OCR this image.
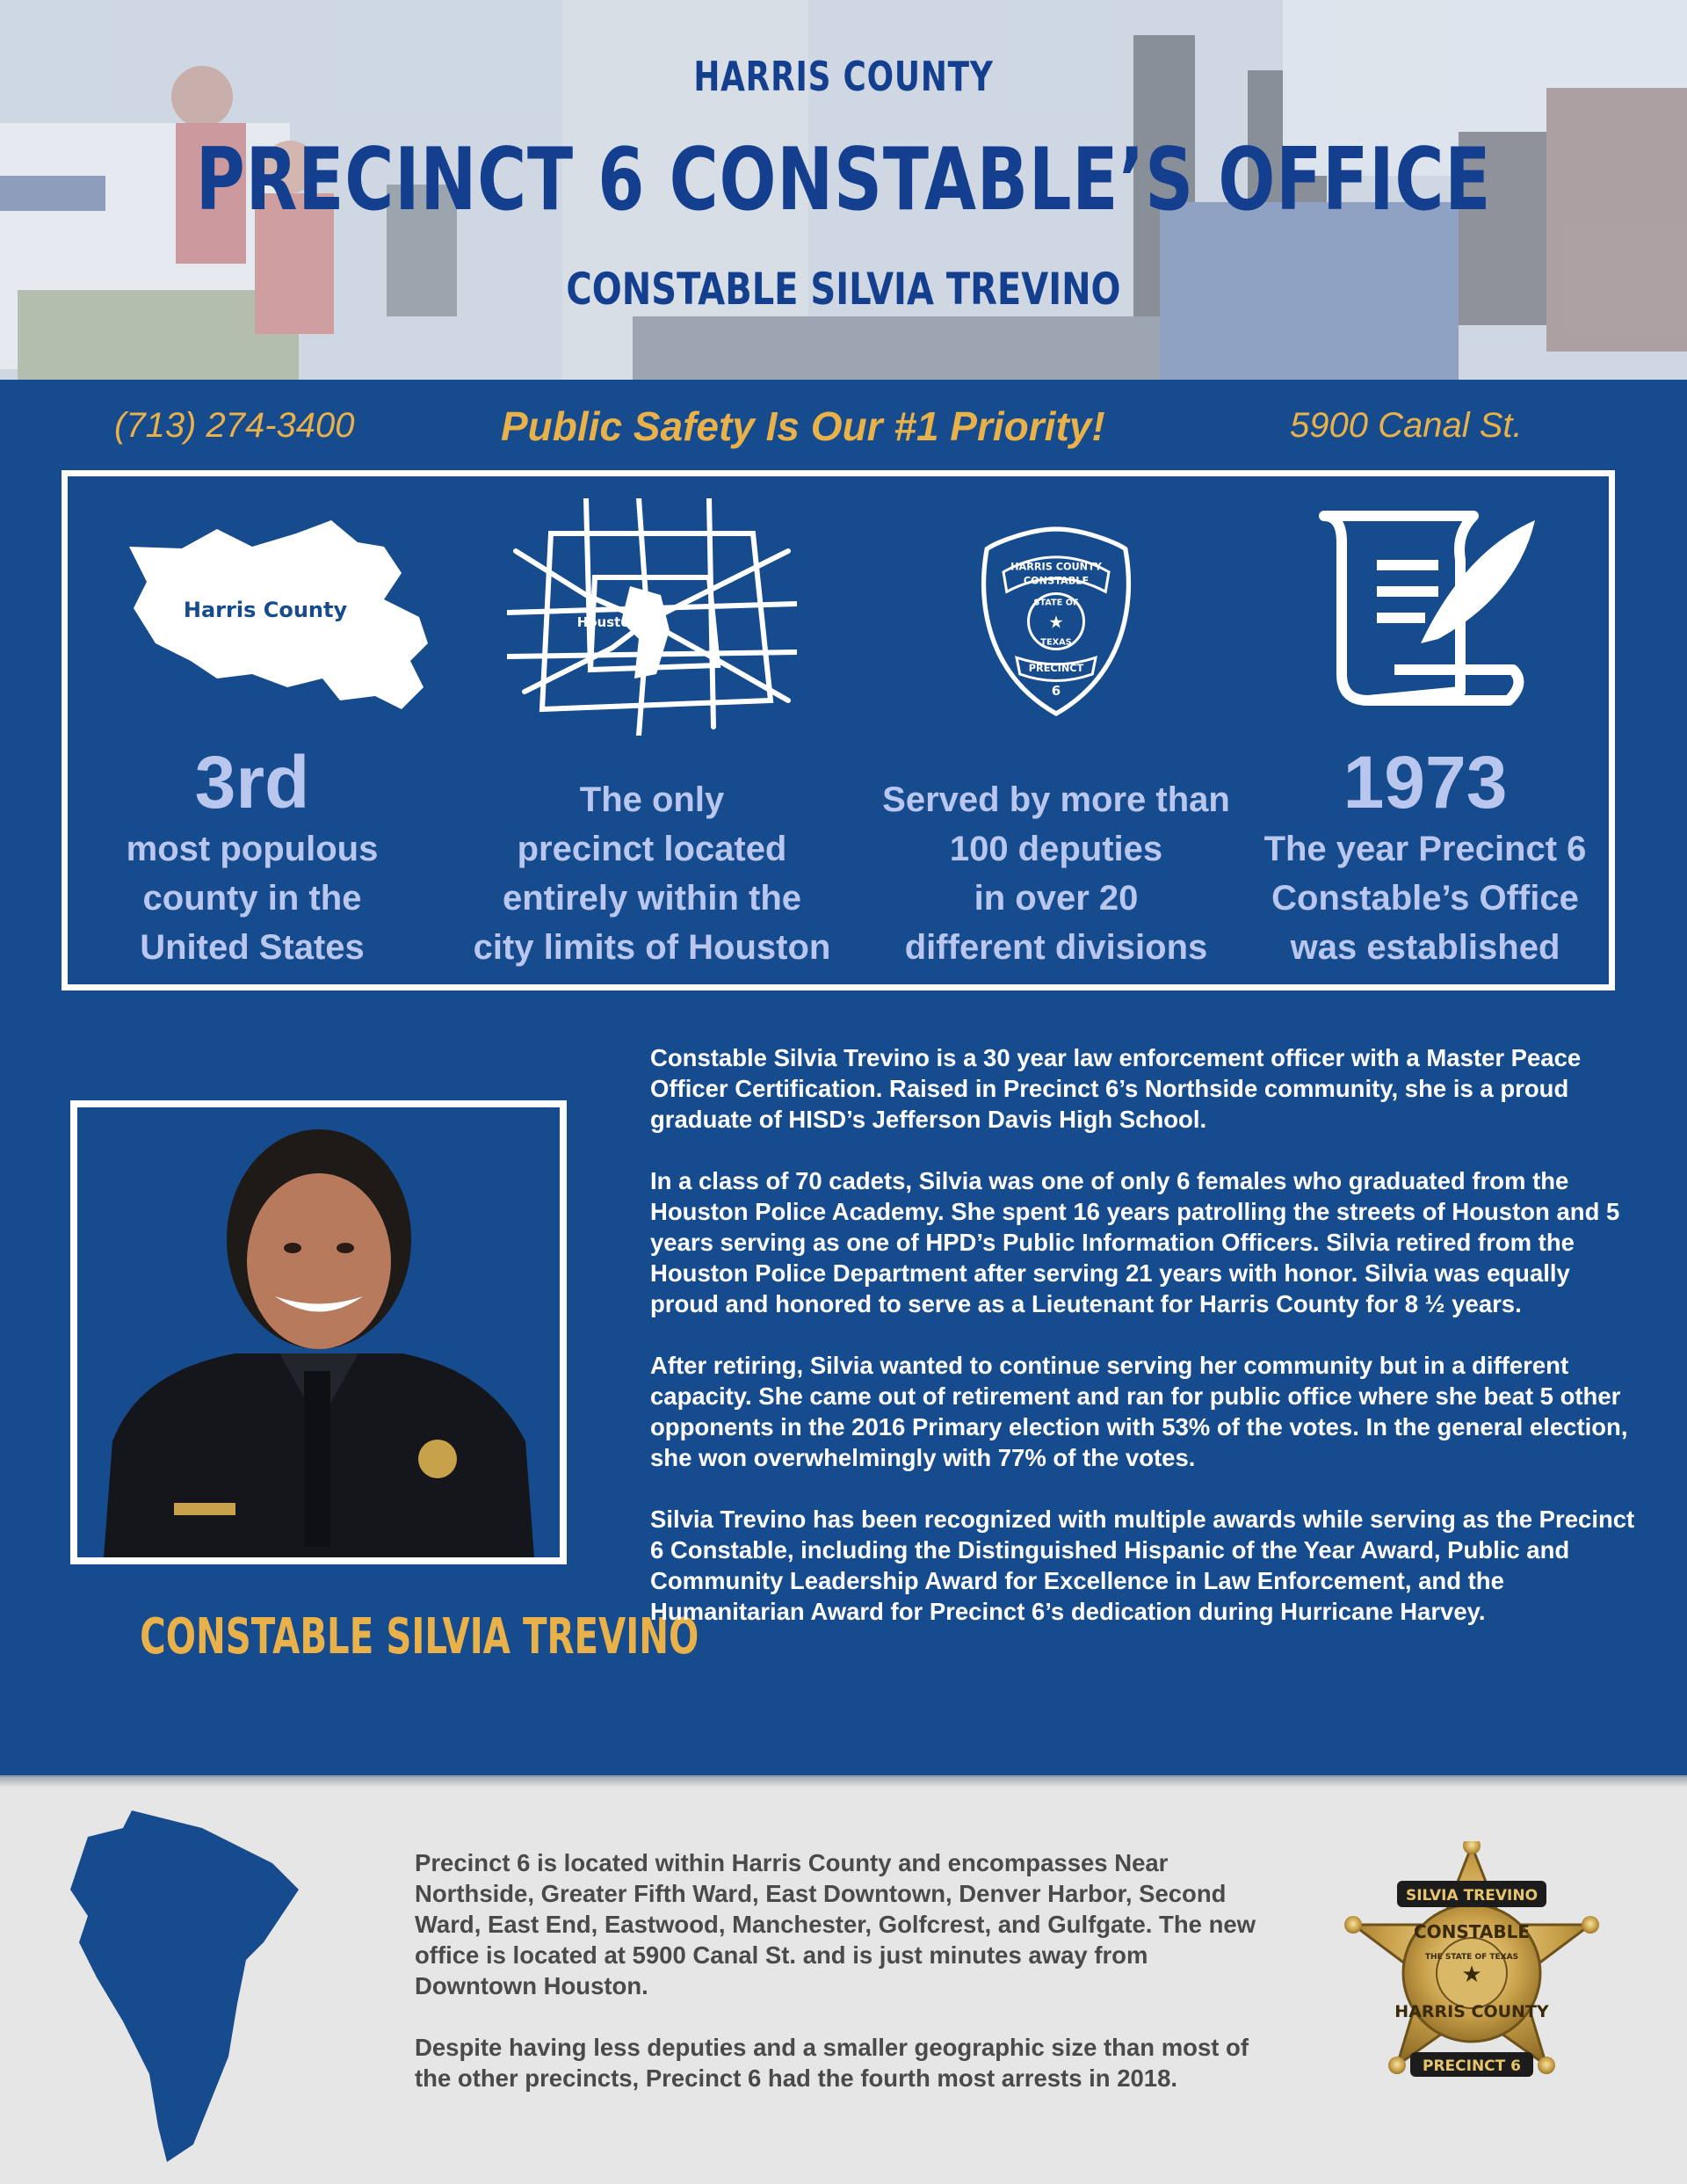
HARRIS COUNTY
PRECINCT 6 CONSTABLE’S OFFICE
CONSTABLE SILVIA TREVINO
(713) 274-3400	Public Safety Is Our #1 Priority!	5900 Canal St.
Harris County
3rd
most populous
county in the
United States
Houston
The only
precinct located
entirely within the
city limits of Houston
HARRIS COUNTY
CONSTABLE
STATE OF
TEXAS
★
PRECINCT
6
Served by more than
100 deputies
in over 20
different divisions
1973
The year Precinct 6
Constable’s Office
was established
CONSTABLE SILVIA TREVINO

Constable Silvia Trevino is a 30 year law enforcement officer with a Master Peace Officer Certification. Raised in Precinct 6’s Northside community, she is a proud graduate of HISD’s Jefferson Davis High School.

In a class of 70 cadets, Silvia was one of only 6 females who graduated from the Houston Police Academy. She spent 16 years patrolling the streets of Houston and 5 years serving as one of HPD’s Public Information Officers. Silvia retired from the Houston Police Department after serving 21 years with honor. Silvia was equally proud and honored to serve as a Lieutenant for Harris County for 8 ½ years.

After retiring, Silvia wanted to continue serving her community but in a different capacity. She came out of retirement and ran for public office where she beat 5 other opponents in the 2016 Primary election with 53% of the votes. In the general election, she won overwhelmingly with 77% of the votes.

Silvia Trevino has been recognized with multiple awards while serving as the Precinct 6 Constable, including the Distinguished Hispanic of the Year Award, Public and Community Leadership Award for Excellence in Law Enforcement, and the Humanitarian Award for Precinct 6’s dedication during Hurricane Harvey.

Precinct 6 is located within Harris County and encompasses Near Northside, Greater Fifth Ward, East Downtown, Denver Harbor, Second Ward, East End, Eastwood, Manchester, Golfcrest, and Gulfgate. The new office is located at 5900 Canal St. and is just minutes away from Downtown Houston.

Despite having less deputies and a smaller geographic size than most of the other precincts, Precinct 6 had the fourth most arrests in 2018.

SILVIA TREVINO
CONSTABLE
THE STATE OF TEXAS
★
HARRIS COUNTY
PRECINCT 6
